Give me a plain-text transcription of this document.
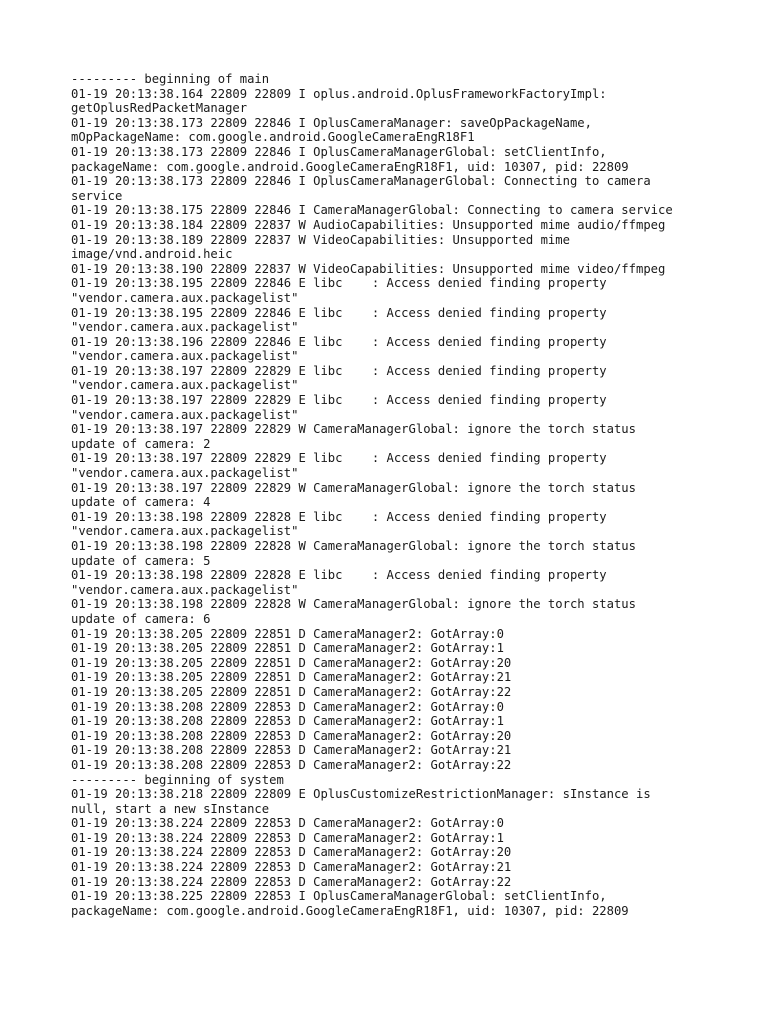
--------- beginning of main
01-19 20:13:38.164 22809 22809 I oplus.android.OplusFrameworkFactoryImpl:
getOplusRedPacketManager
01-19 20:13:38.173 22809 22846 I OplusCameraManager: saveOpPackageName,
mOpPackageName: com.google.android.GoogleCameraEngR18F1
01-19 20:13:38.173 22809 22846 I OplusCameraManagerGlobal: setClientInfo,
packageName: com.google.android.GoogleCameraEngR18F1, uid: 10307, pid: 22809
01-19 20:13:38.173 22809 22846 I OplusCameraManagerGlobal: Connecting to camera
service
01-19 20:13:38.175 22809 22846 I CameraManagerGlobal: Connecting to camera service
01-19 20:13:38.184 22809 22837 W AudioCapabilities: Unsupported mime audio/ffmpeg
01-19 20:13:38.189 22809 22837 W VideoCapabilities: Unsupported mime
image/vnd.android.heic
01-19 20:13:38.190 22809 22837 W VideoCapabilities: Unsupported mime video/ffmpeg
01-19 20:13:38.195 22809 22846 E libc    : Access denied finding property
"vendor.camera.aux.packagelist"
01-19 20:13:38.195 22809 22846 E libc    : Access denied finding property
"vendor.camera.aux.packagelist"
01-19 20:13:38.196 22809 22846 E libc    : Access denied finding property
"vendor.camera.aux.packagelist"
01-19 20:13:38.197 22809 22829 E libc    : Access denied finding property
"vendor.camera.aux.packagelist"
01-19 20:13:38.197 22809 22829 E libc    : Access denied finding property
"vendor.camera.aux.packagelist"
01-19 20:13:38.197 22809 22829 W CameraManagerGlobal: ignore the torch status
update of camera: 2
01-19 20:13:38.197 22809 22829 E libc    : Access denied finding property
"vendor.camera.aux.packagelist"
01-19 20:13:38.197 22809 22829 W CameraManagerGlobal: ignore the torch status
update of camera: 4
01-19 20:13:38.198 22809 22828 E libc    : Access denied finding property
"vendor.camera.aux.packagelist"
01-19 20:13:38.198 22809 22828 W CameraManagerGlobal: ignore the torch status
update of camera: 5
01-19 20:13:38.198 22809 22828 E libc    : Access denied finding property
"vendor.camera.aux.packagelist"
01-19 20:13:38.198 22809 22828 W CameraManagerGlobal: ignore the torch status
update of camera: 6
01-19 20:13:38.205 22809 22851 D CameraManager2: GotArray:0
01-19 20:13:38.205 22809 22851 D CameraManager2: GotArray:1
01-19 20:13:38.205 22809 22851 D CameraManager2: GotArray:20
01-19 20:13:38.205 22809 22851 D CameraManager2: GotArray:21
01-19 20:13:38.205 22809 22851 D CameraManager2: GotArray:22
01-19 20:13:38.208 22809 22853 D CameraManager2: GotArray:0
01-19 20:13:38.208 22809 22853 D CameraManager2: GotArray:1
01-19 20:13:38.208 22809 22853 D CameraManager2: GotArray:20
01-19 20:13:38.208 22809 22853 D CameraManager2: GotArray:21
01-19 20:13:38.208 22809 22853 D CameraManager2: GotArray:22
--------- beginning of system
01-19 20:13:38.218 22809 22809 E OplusCustomizeRestrictionManager: sInstance is
null, start a new sInstance
01-19 20:13:38.224 22809 22853 D CameraManager2: GotArray:0
01-19 20:13:38.224 22809 22853 D CameraManager2: GotArray:1
01-19 20:13:38.224 22809 22853 D CameraManager2: GotArray:20
01-19 20:13:38.224 22809 22853 D CameraManager2: GotArray:21
01-19 20:13:38.224 22809 22853 D CameraManager2: GotArray:22
01-19 20:13:38.225 22809 22853 I OplusCameraManagerGlobal: setClientInfo,
packageName: com.google.android.GoogleCameraEngR18F1, uid: 10307, pid: 22809
